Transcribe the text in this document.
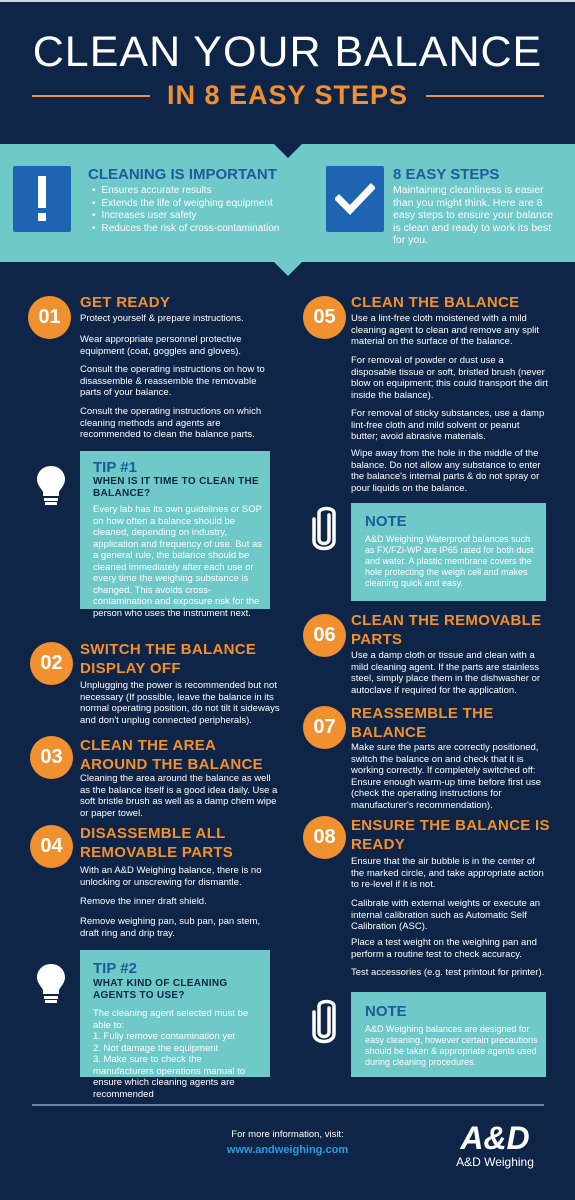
CLEAN YOUR BALANCE
IN 8 EASY STEPS
CLEANING IS IMPORTANT
• Ensures accurate results
• Extends the life of weighing equipment
• Increases user safety
• Reduces the risk of cross-contamination
8 EASY STEPS
Maintaining cleanliness is easier than you might think. Here are 8 easy steps to ensure your balance is clean and ready to work its best for you.
01
GET READY
Protect yourself & prepare instructions.
Wear appropriate personnel protective equipment (coat, goggles and gloves).
Consult the operating instructions on how to disassemble & reassemble the removable parts of your balance.
Consult the operating instructions on which cleaning methods and agents are recommended to clean the balance parts.
TIP #1
WHEN IS IT TIME TO CLEAN THE BALANCE?
Every lab has its own guidelines or SOP on how often a balance should be cleaned, depending on industry, application and frequency of use. But as a general rule, the balance should be cleaned immediately after each use or every time the weighing substance is changed. This avoids cross-contamination and exposure risk for the person who uses the instrument next.
02
SWITCH THE BALANCE DISPLAY OFF
Unplugging the power is recommended but not necessary (If possible, leave the balance in its normal operating position, do not tilt it sideways and don't unplug connected peripherals).
03
CLEAN THE AREA AROUND THE BALANCE
Cleaning the area around the balance as well as the balance itself is a good idea daily. Use a soft bristle brush as well as a damp chem wipe or paper towel.
04
DISASSEMBLE ALL REMOVABLE PARTS
With an A&D Weighing balance, there is no unlocking or unscrewing for dismantle.
Remove the inner draft shield.
Remove weighing pan, sub pan, pan stem, draft ring and drip tray.
TIP #2
WHAT KIND OF CLEANING AGENTS TO USE?
The cleaning agent selected must be able to:
1. Fully remove contamination yet
2. Not damage the equipment
3. Make sure to check the manufacturers operations manual to ensure which cleaning agents are recommended
05
CLEAN THE BALANCE
Use a lint-free cloth moistened with a mild cleaning agent to clean and remove any split material on the surface of the balance.
For removal of powder or dust use a disposable tissue or soft, bristled brush (never blow on equipment; this could transport the dirt inside the balance).
For removal of sticky substances, use a damp lint-free cloth and mild solvent or peanut butter; avoid abrasive materials.
Wipe away from the hole in the middle of the balance. Do not allow any substance to enter the balance's internal parts & do not spray or pour liquids on the balance.
NOTE
A&D Weighing Waterproof balances such as FX/FZi-WP are IP65 rated for both dust and water. A plastic membrane covers the hole protecting the weigh cell and makes cleaning quick and easy.
06
CLEAN THE REMOVABLE PARTS
Use a damp cloth or tissue and clean with a mild cleaning agent. If the parts are stainless steel, simply place them in the dishwasher or autoclave if required for the application.
07
REASSEMBLE THE BALANCE
Make sure the parts are correctly positioned, switch the balance on and check that it is working correctly. If completely switched off: Ensure enough warm-up time before first use (check the operating instructions for manufacturer's recommendation).
08
ENSURE THE BALANCE IS READY
Ensure that the air bubble is in the center of the marked circle, and take appropriate action to re-level if it is not.
Calibrate with external weights or execute an internal calibration such as Automatic Self Calibration (ASC).
Place a test weight on the weighing pan and perform a routine test to check accuracy.
Test accessories (e.g. test printout for printer).
NOTE
A&D Weighing balances are designed for easy cleaning, however certain precautions should be taken & appropriate agents used during cleaning procedures.
For more information, visit:
www.andweighing.com	A&D
A&D Weighing
